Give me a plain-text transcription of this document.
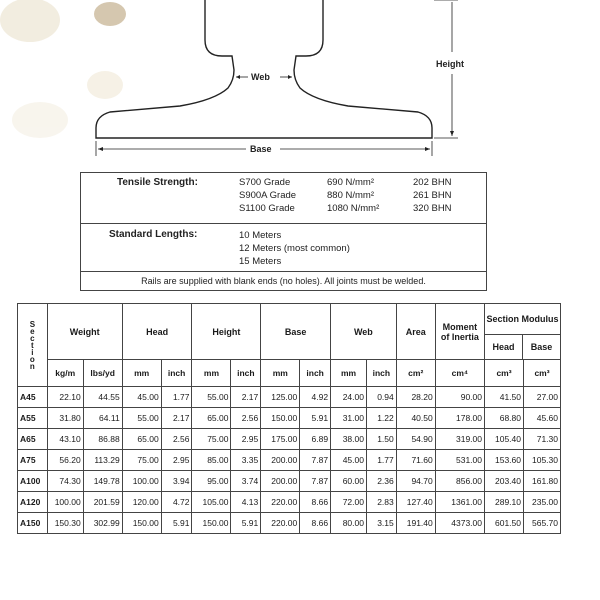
Web
Height
Base
Tensile Strength:	S700 Grade	690 N/mm²	202 BHN
S900A Grade	880 N/mm²	261 BHN
S1100 Grade	1080 N/mm²	320 BHN
Standard Lengths:	10 Meters
12 Meters (most common)
15 Meters
Rails are supplied with blank ends (no holes). All joints must be welded.
Section	Weight		Head		Height		Base		Web		Area	Moment of Inertia	Section Modulus
Head Base	

	kg/m	lbs/yd	mm	inch	mm	inch	mm	inch	mm	inch	cm²	cm⁴	cm³	cm³
A45	22.10	44.55	45.00	1.77	55.00	2.17	125.00	4.92	24.00	0.94	28.20	90.00	41.50	27.00
A55	31.80	64.11	55.00	2.17	65.00	2.56	150.00	5.91	31.00	1.22	40.50	178.00	68.80	45.60
A65	43.10	86.88	65.00	2.56	75.00	2.95	175.00	6.89	38.00	1.50	54.90	319.00	105.40	71.30
A75	56.20	113.29	75.00	2.95	85.00	3.35	200.00	7.87	45.00	1.77	71.60	531.00	153.60	105.30
A100	74.30	149.78	100.00	3.94	95.00	3.74	200.00	7.87	60.00	2.36	94.70	856.00	203.40	161.80
A120	100.00	201.59	120.00	4.72	105.00	4.13	220.00	8.66	72.00	2.83	127.40	1361.00	289.10	235.00
A150	150.30	302.99	150.00	5.91	150.00	5.91	220.00	8.66	80.00	3.15	191.40	4373.00	601.50	565.70
